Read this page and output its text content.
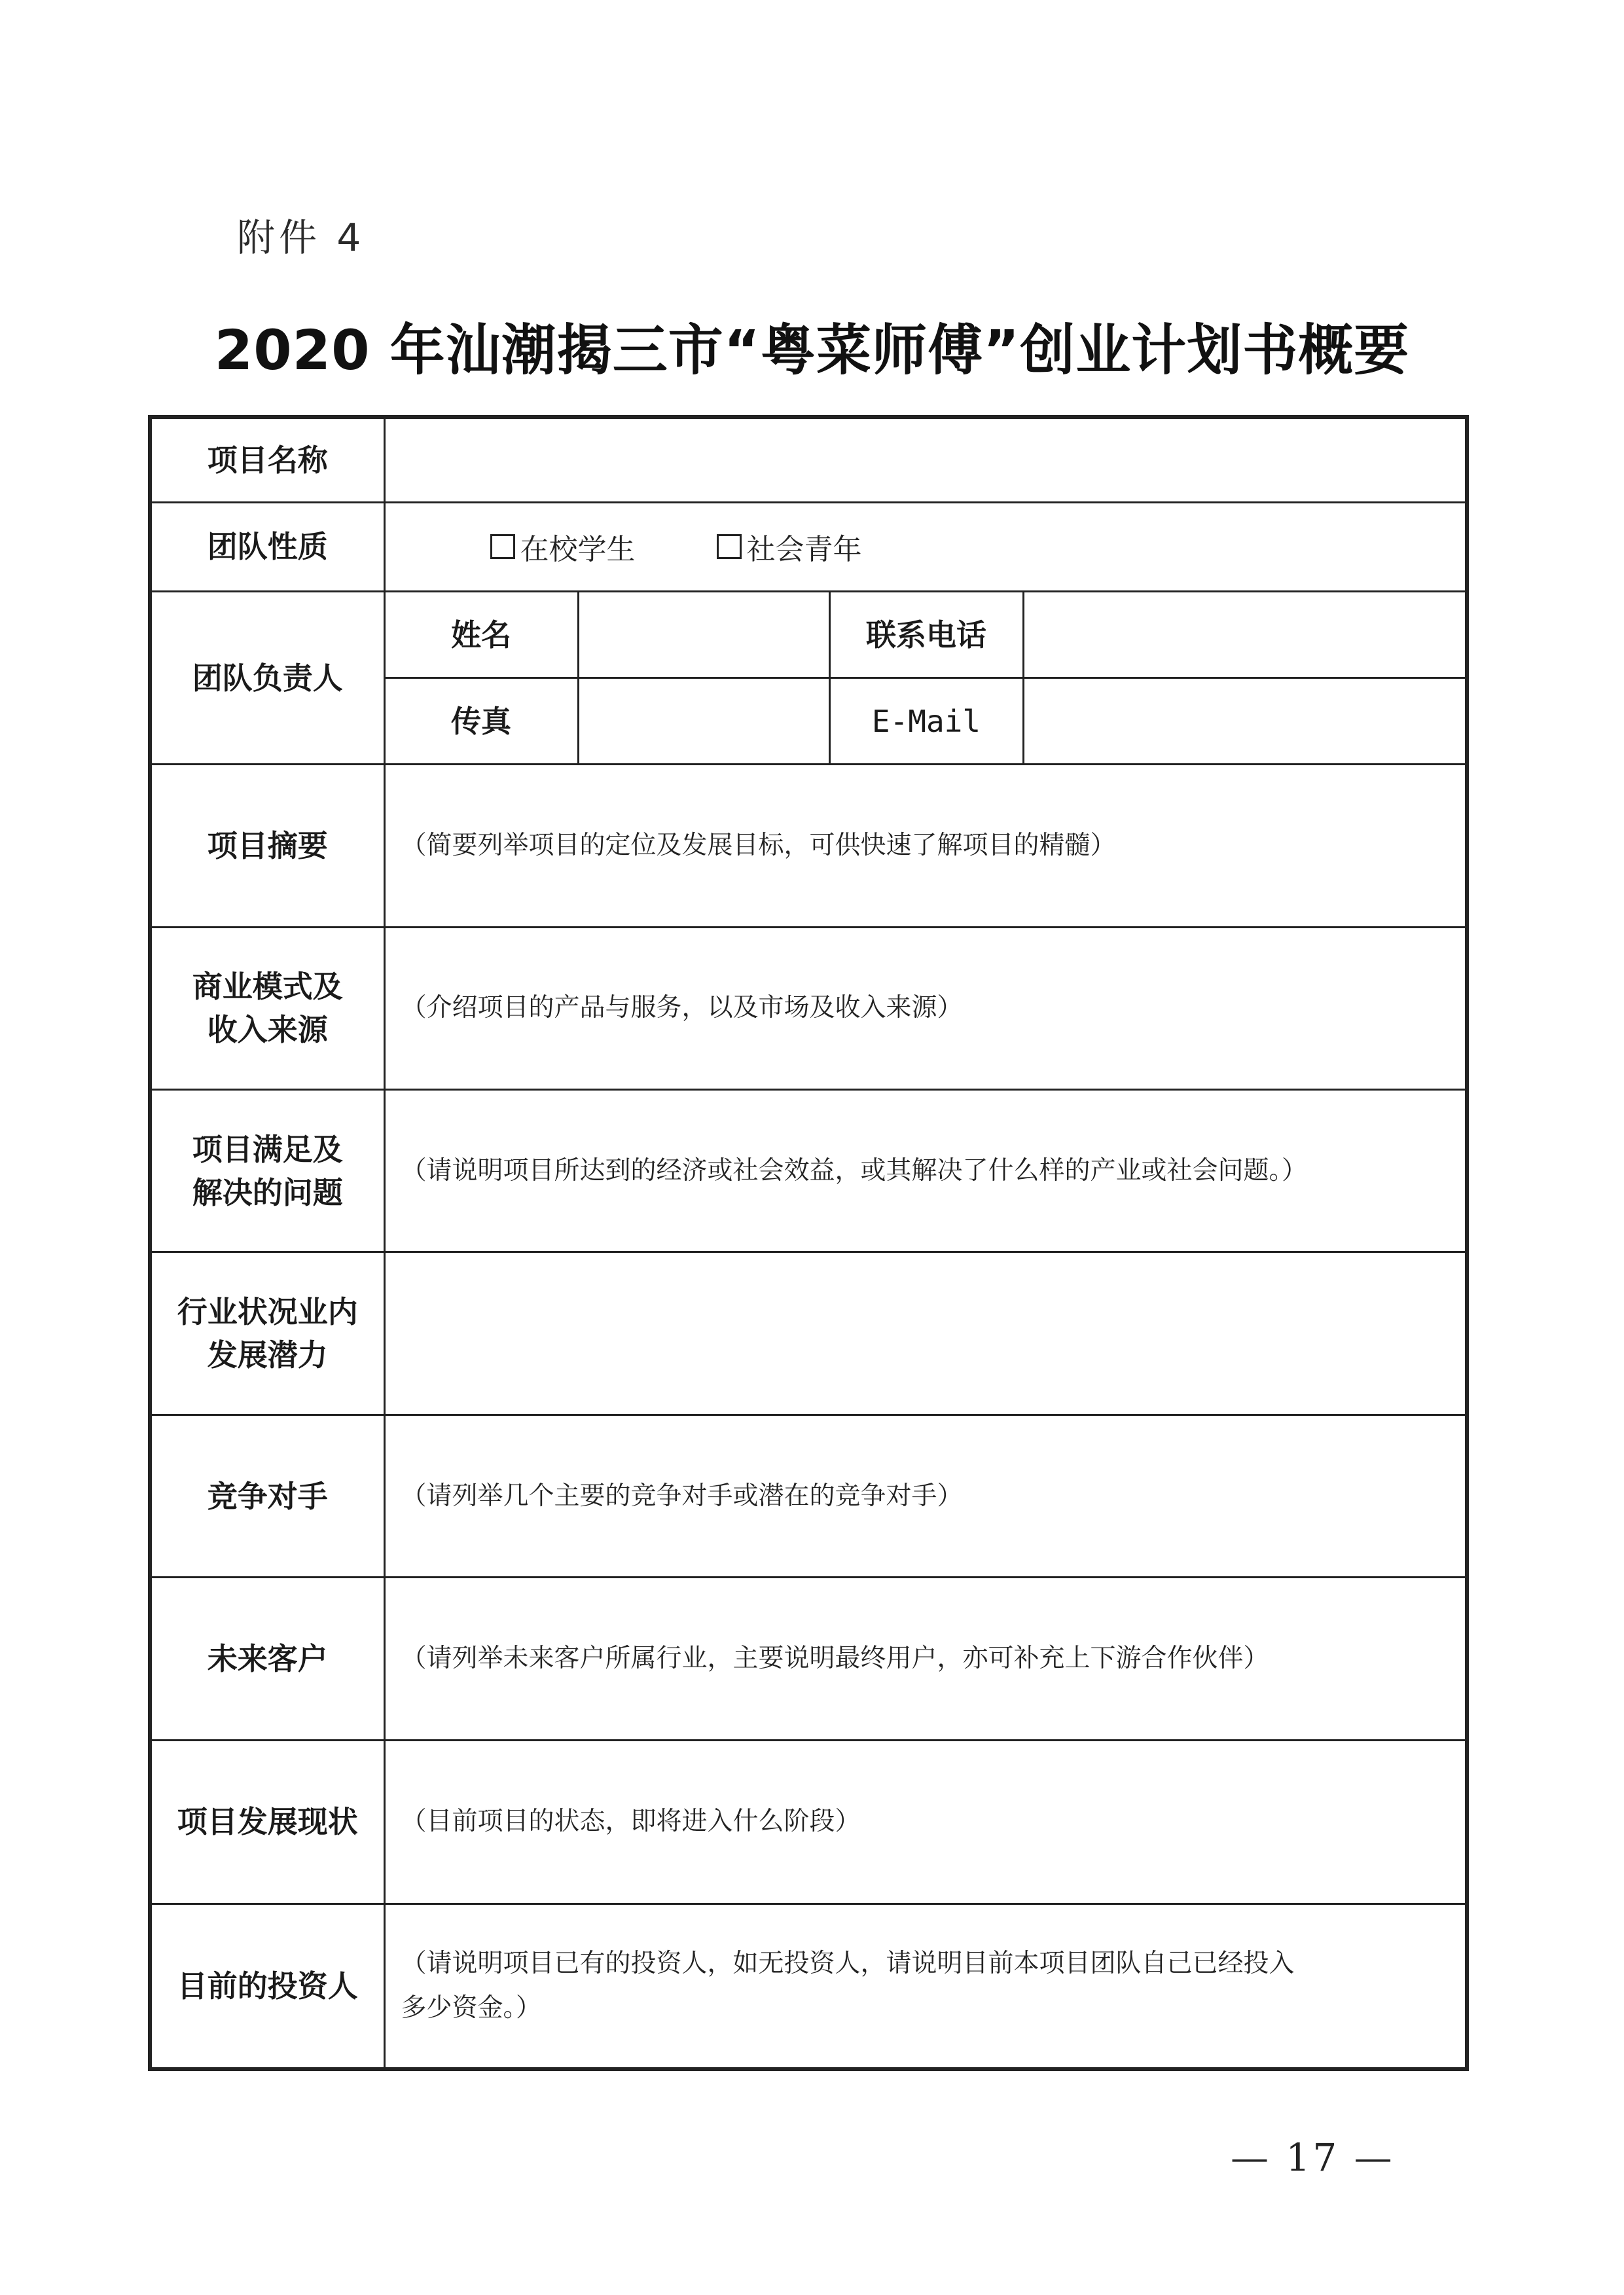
附件 4
2020 年汕潮揭三市“粤菜师傅”创业计划书概要
项目名称				
团队性质	在校学生
社会青年			

团队负责人	姓名		联系电话	
	传真		E-Mail	
项目摘要	（简要列举项目的定位及发展目标，可供快速了解项目的精髓）			

商业模式及
收入来源	（介绍项目的产品与服务，以及市场及收入来源）			

项目满足及
解决的问题	（请说明项目所达到的经济或社会效益，或其解决了什么样的产业或社会问题。）			

行业状况业内
发展潜力				

竞争对手	（请列举几个主要的竞争对手或潜在的竞争对手）			
未来客户	（请列举未来客户所属行业，主要说明最终用户，亦可补充上下游合作伙伴）			
项目发展现状	（目前项目的状态，即将进入什么阶段）			
目前的投资人	（请说明项目已有的投资人，如无投资人，请说明目前本项目团队自己已经投入
多少资金。）			
— 17 —
